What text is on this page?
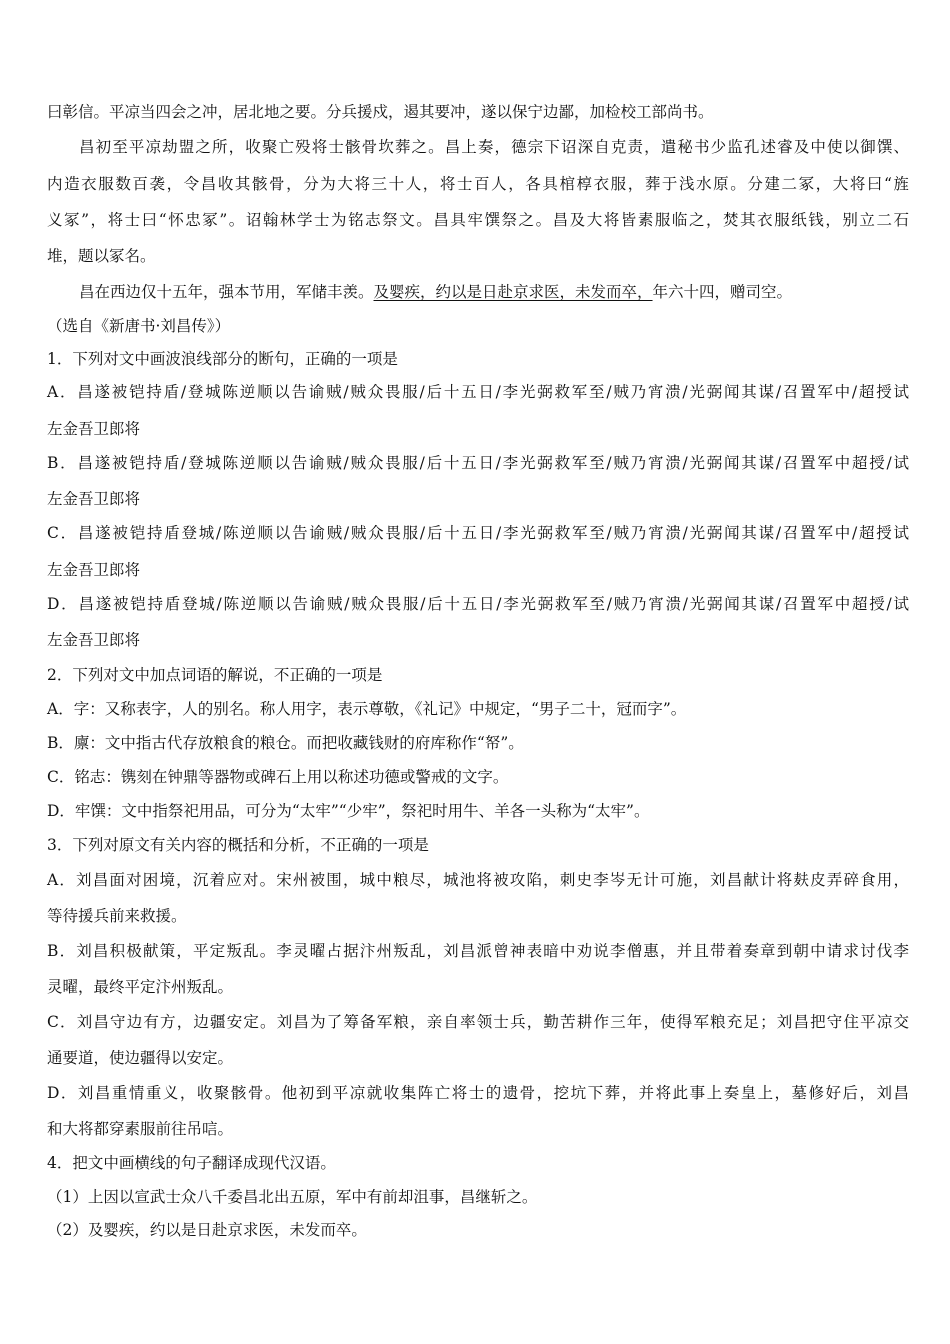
曰彰信。平凉当四会之冲，居北地之要。分兵援戍，遏其要冲，遂以保宁边鄙，加检校工部尚书。
昌初至平凉劫盟之所，收聚亡殁将士骸骨坎葬之。昌上奏，德宗下诏深自克责，遣秘书少监孔述睿及中使以御馔、
内造衣服数百袭，令昌收其骸骨，分为大将三十人，将士百人，各具棺椁衣服，葬于浅水原。分建二冢，大将曰“旌
义冢”，将士曰“怀忠冢”。诏翰林学士为铭志祭文。昌具牢馔祭之。昌及大将皆素服临之，焚其衣服纸钱，别立二石
堆，题以冢名。
昌在西边仅十五年，强本节用，军储丰羡。及婴疾，约以是日赴京求医，未发而卒，年六十四，赠司空。
（选自《新唐书·刘昌传》）
1．下列对文中画波浪线部分的断句，正确的一项是
A．昌遂被铠持盾/登城陈逆顺以告谕贼/贼众畏服/后十五日/李光弼救军至/贼乃宵溃/光弼闻其谋/召置军中/超授试
左金吾卫郎将
B．昌遂被铠持盾/登城陈逆顺以告谕贼/贼众畏服/后十五日/李光弼救军至/贼乃宵溃/光弼闻其谋/召置军中超授/试
左金吾卫郎将
C．昌遂被铠持盾登城/陈逆顺以告谕贼/贼众畏服/后十五日/李光弼救军至/贼乃宵溃/光弼闻其谋/召置军中/超授试
左金吾卫郎将
D．昌遂被铠持盾登城/陈逆顺以告谕贼/贼众畏服/后十五日/李光弼救军至/贼乃宵溃/光弼闻其谋/召置军中超授/试
左金吾卫郎将
2．下列对文中加点词语的解说，不正确的一项是
A．字：又称表字，人的别名。称人用字，表示尊敬，《礼记》中规定，“男子二十，冠而字”。
B．廪：文中指古代存放粮食的粮仓。而把收藏钱财的府库称作“帑”。
C．铭志：镌刻在钟鼎等器物或碑石上用以称述功德或警戒的文字。
D．牢馔：文中指祭祀用品，可分为“太牢”“少牢”，祭祀时用牛、羊各一头称为“太牢”。
3．下列对原文有关内容的概括和分析，不正确的一项是
A．刘昌面对困境，沉着应对。宋州被围，城中粮尽，城池将被攻陷，刺史李岑无计可施，刘昌献计将麸皮弄碎食用，
等待援兵前来救援。
B．刘昌积极献策，平定叛乱。李灵曜占据汴州叛乱，刘昌派曾神表暗中劝说李僧惠，并且带着奏章到朝中请求讨伐李
灵曜，最终平定汴州叛乱。
C．刘昌守边有方，边疆安定。刘昌为了筹备军粮，亲自率领士兵，勤苦耕作三年，使得军粮充足；刘昌把守住平凉交
通要道，使边疆得以安定。
D．刘昌重情重义，收聚骸骨。他初到平凉就收集阵亡将士的遗骨，挖坑下葬，并将此事上奏皇上，墓修好后，刘昌
和大将都穿素服前往吊唁。
4．把文中画横线的句子翻译成现代汉语。
（1）上因以宣武士众八千委昌北出五原，军中有前却沮事，昌继斩之。
（2）及婴疾，约以是日赴京求医，未发而卒。
